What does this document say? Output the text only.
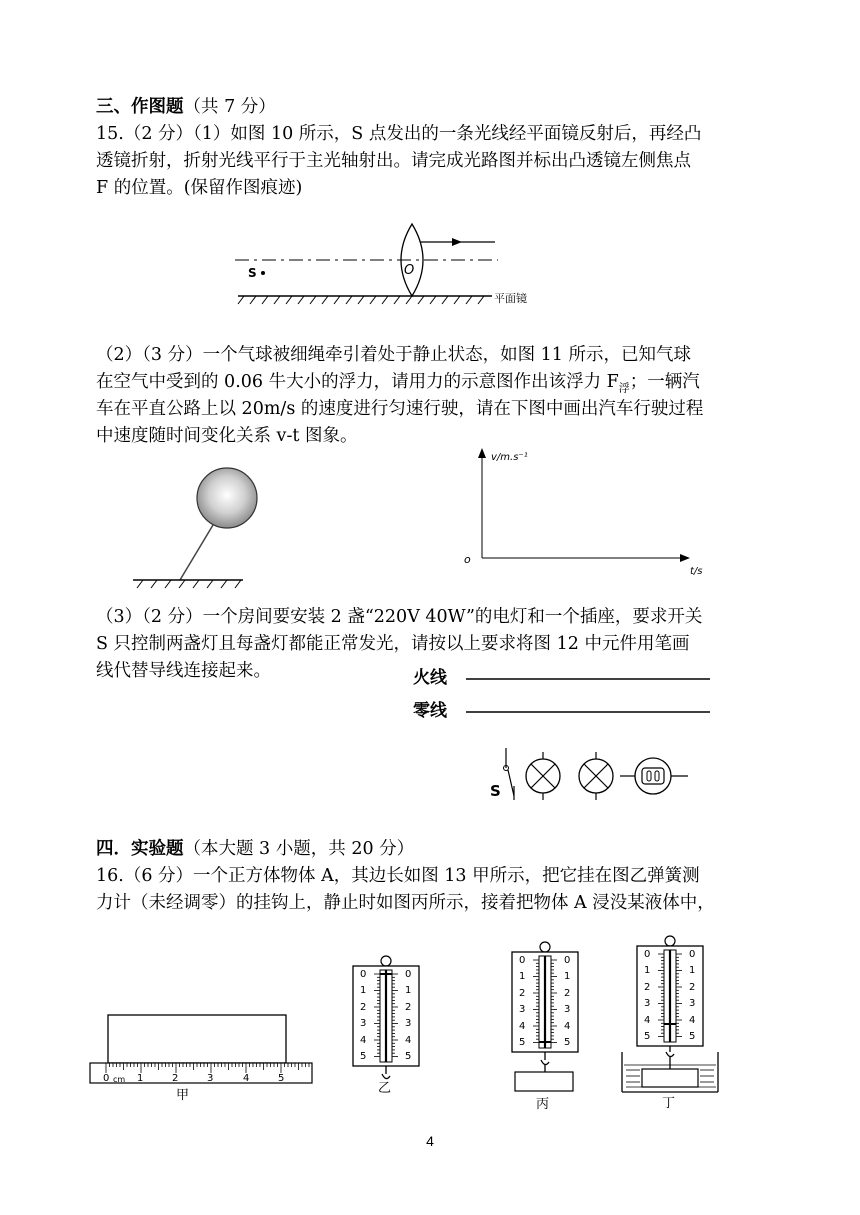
三、作图题（共 7 分）
15.（2 分）（1）如图 10 所示，S 点发出的一条光线经平面镜反射后，再经凸
透镜折射，折射光线平行于主光轴射出。请完成光路图并标出凸透镜左侧焦点
F 的位置。(保留作图痕迹)
S	O
平面镜
（2）（3 分）一个气球被细绳牵引着处于静止状态，如图 11 所示，已知气球
在空气中受到的 0.06 牛大小的浮力，请用力的示意图作出该浮力 $F_浮$；一辆汽
车在平直公路上以 20m/s 的速度进行匀速行驶，请在下图中画出汽车行驶过程
中速度随时间变化关系 v-t 图象。
v/m.s⁻¹
o
t/s
（3）（2 分）一个房间要安装 2 盏“220V 40W”的电灯和一个插座，要求开关
S 只控制两盏灯且每盏灯都能正常发光，请按以上要求将图 12 中元件用笔画
线代替导线连接起来。	火线
零线
S
四．实验题（本大题 3 小题，共 20 分）
16.（6 分）一个正方体物体 A，其边长如图 13 甲所示，把它挂在图乙弹簧测
力计（未经调零）的挂钩上，静止时如图丙所示，接着把物体 A 浸没某液体中，
0	1	2	3	4	5
cm
甲
0
1
2
3
4
5
0
1
2
3
4
5
乙
0
1
2
3
4
5
0
1
2
3
4
5
丙
0
1
2
3
4
5
0
1
2
3
4
5
丁
4
